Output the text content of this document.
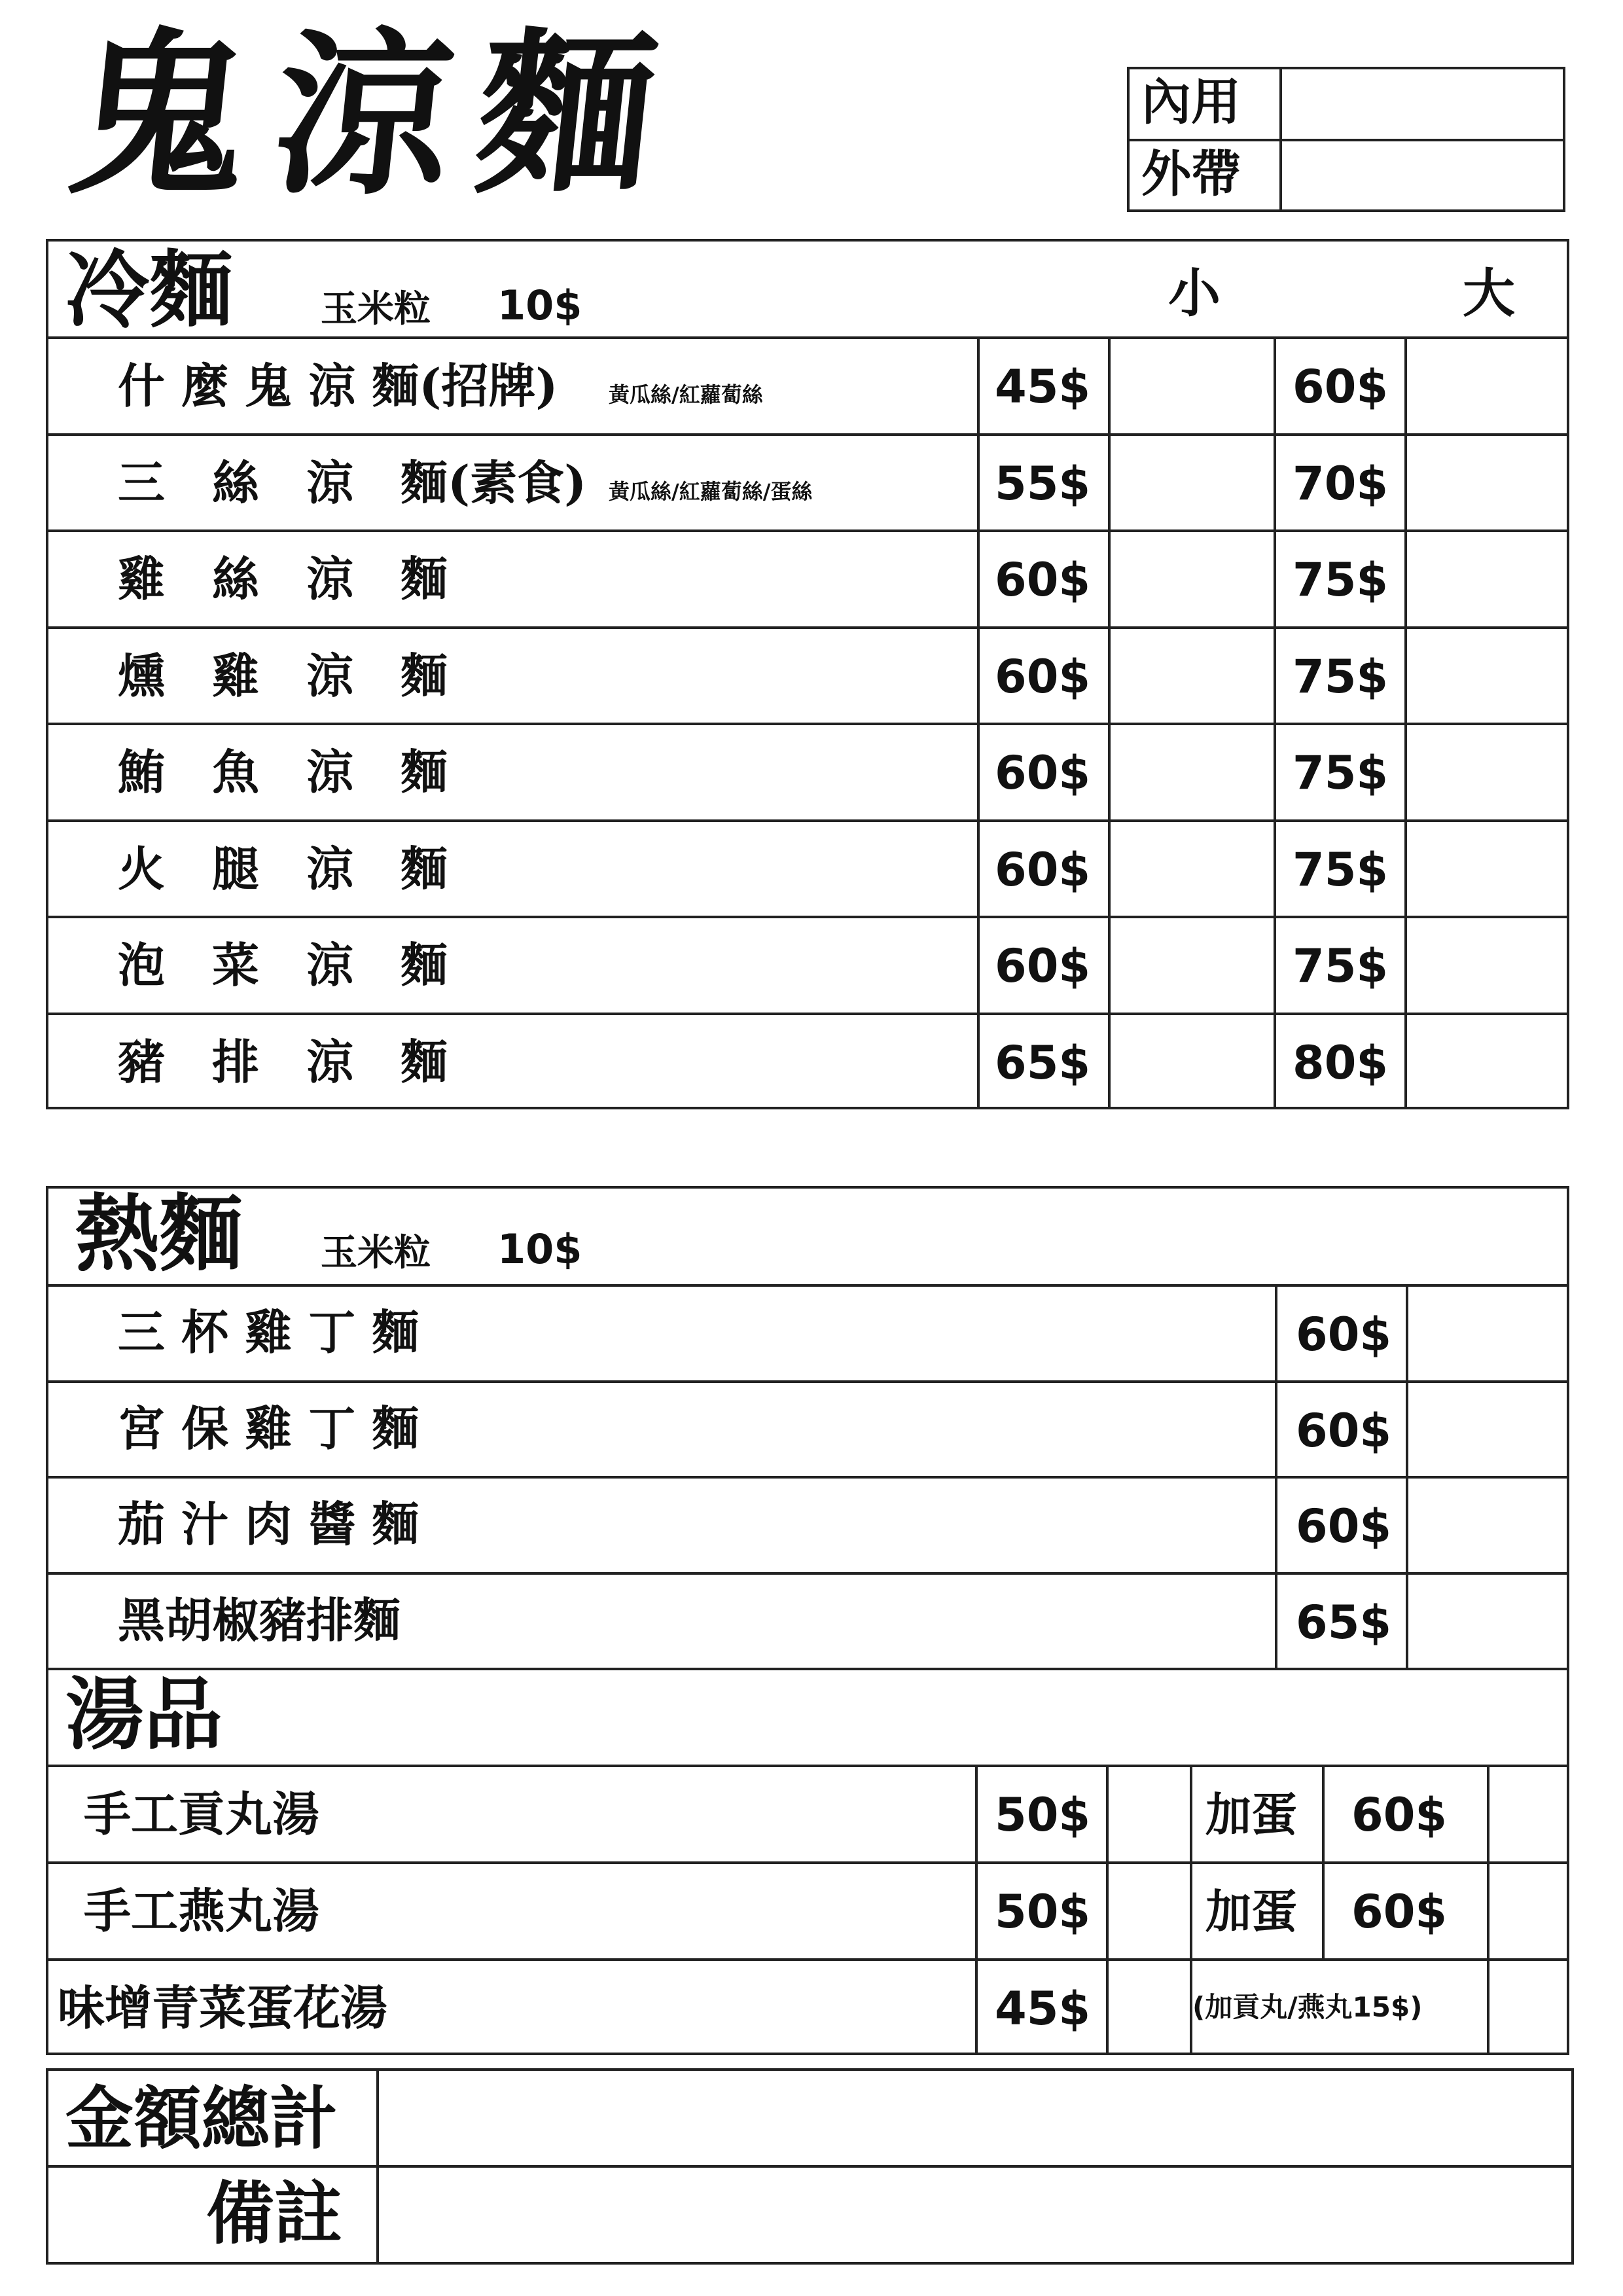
鬼涼麵	內用
外帶
冷麵 玉米粒 10$	小	大
什 麼 鬼 涼 麵(招牌) 黃瓜絲/紅蘿蔔絲	45$	60$
三　絲　涼　麵(素食) 黃瓜絲/紅蘿蔔絲/蛋絲	55$	70$
雞　絲　涼　麵	60$	75$
燻　雞　涼　麵	60$	75$
鮪　魚　涼　麵	60$	75$
火　腿　涼　麵	60$	75$
泡　菜　涼　麵	60$	75$
豬　排　涼　麵	65$	80$
熱麵 玉米粒 10$
三 杯 雞 丁 麵	60$
宮 保 雞 丁 麵	60$
茄 汁 肉 醬 麵	60$
黑胡椒豬排麵	65$
湯品
手工貢丸湯	50$	加蛋 60$
手工燕丸湯	50$	加蛋 60$
味增青菜蛋花湯	45$	(加貢丸/燕丸15$)
金額總計
備註
